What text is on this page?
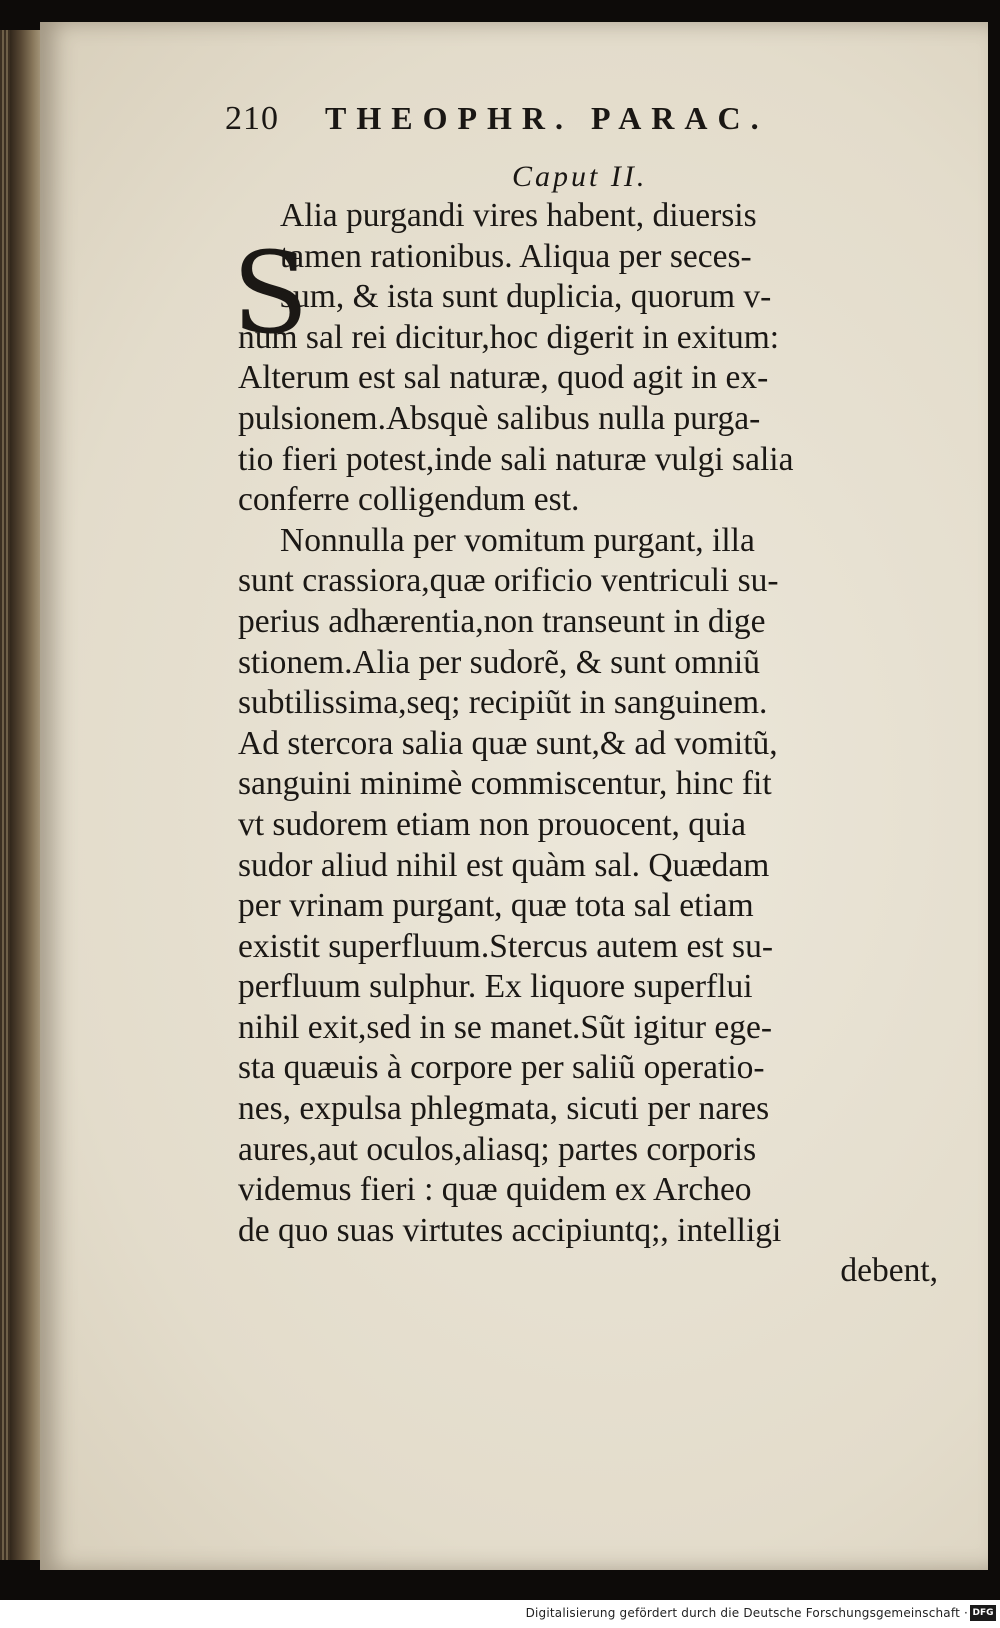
210	THEOPHR. PARAC.
Caput II.
S
Alia purgandi vires habent, diuersis
tamen rationibus. Aliqua per seces-
sum, & ista sunt duplicia, quorum v-
num sal rei dicitur,hoc digerit in exitum:
Alterum est sal naturæ, quod agit in ex-
pulsionem.Absquè salibus nulla purga-
tio fieri potest,inde sali naturæ vulgi salia
conferre colligendum est.
Nonnulla per vomitum purgant, illa
sunt crassiora,quæ orificio ventriculi su-
perius adhærentia,non transeunt in dige
stionem.Alia per sudorẽ, & sunt omniũ
subtilissima,seq; recipiũt in sanguinem.
Ad stercora salia quæ sunt,& ad vomitũ,
sanguini minimè commiscentur, hinc fit
vt sudorem etiam non prouocent, quia
sudor aliud nihil est quàm sal. Quædam
per vrinam purgant, quæ tota sal etiam
existit superfluum.Stercus autem est su-
perfluum sulphur. Ex liquore superflui
nihil exit,sed in se manet.Sũt igitur ege-
sta quæuis à corpore per saliũ operatio-
nes, expulsa phlegmata, sicuti per nares
aures,aut oculos,aliasq; partes corporis
videmus fieri : quæ quidem ex Archeo
de quo suas virtutes accipiuntq;, intelligi
debent,
Digitalisierung gefördert durch die Deutsche Forschungsgemeinschaft · DFG
